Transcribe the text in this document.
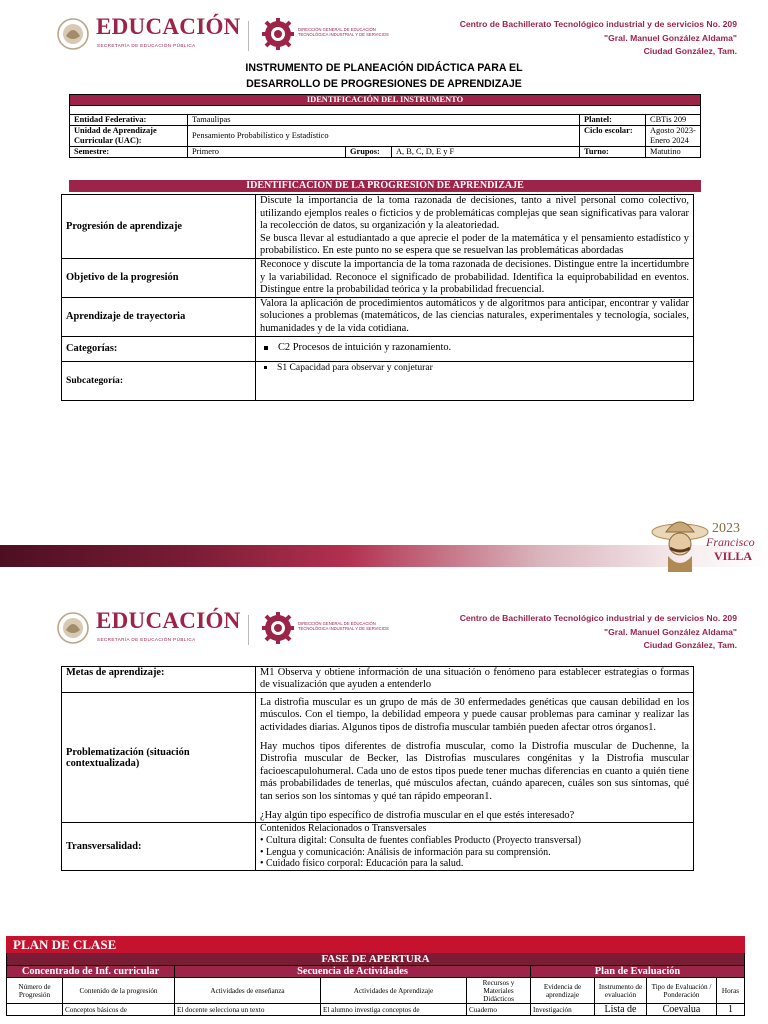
EDUCACIÓN
SECRETARÍA DE EDUCACIÓN PÚBLICA
DIRECCIÓN GENERAL DE EDUCACIÓN TECNOLÓGICA INDUSTRIAL Y DE SERVICIOS
Centro de Bachillerato Tecnológico industrial y de servicios No. 209
"Gral. Manuel González Aldama"
Ciudad González, Tam.
INSTRUMENTO DE PLANEACIÓN DIDÁCTICA PARA EL
DESARROLLO DE PROGRESIONES DE APRENDIZAJE
IDENTIFICACIÓN DEL INSTRUMENTO					

Entidad Federativa:	Tamaulipas			Plantel:	CBTis 209
Unidad de Aprendizaje Curricular (UAC):	Pensamiento Probabilístico y Estadístico			Ciclo escolar:	Agosto 2023-Enero 2024
Semestre:	Primero	Grupos:	A, B, C, D, E y F	Turno:	Matutino
IDENTIFICACIÓN DE LA PROGRESIÓN DE APRENDIZAJE
Progresión de aprendizaje	Discute la importancia de la toma razonada de decisiones, tanto a nivel personal como colectivo, utilizando ejemplos reales o ficticios y de problemáticas complejas que sean significativas para valorar la recolección de datos, su organización y la aleatoriedad.
Se busca llevar al estudiantado a que aprecie el poder de la matemática y el pensamiento estadístico y probabilístico. En este punto no se espera que se resuelvan las problemáticas abordadas

Objetivo de la progresión	Reconoce y discute la importancia de la toma razonada de decisiones. Distingue entre la incertidumbre y la variabilidad. Reconoce el significado de probabilidad. Identifica la equiprobabilidad en eventos. Distingue entre la probabilidad teórica y la probabilidad frecuencial.
Aprendizaje de trayectoria	Valora la aplicación de procedimientos automáticos y de algoritmos para anticipar, encontrar y validar soluciones a problemas (matemáticos, de las ciencias naturales, experimentales y tecnología, sociales, humanidades y de la vida cotidiana.
Categorías:	C2 Procesos de intuición y razonamiento.
Subcategoría:	S1 Capacidad para observar y conjeturar
2023
Francisco
VILLA
EDUCACIÓN
SECRETARÍA DE EDUCACIÓN PÚBLICA
DIRECCIÓN GENERAL DE EDUCACIÓN TECNOLÓGICA INDUSTRIAL Y DE SERVICIOS
Centro de Bachillerato Tecnológico industrial y de servicios No. 209
"Gral. Manuel González Aldama"
Ciudad González, Tam.
Metas de aprendizaje:	M1 Observa y obtiene información de una situación o fenómeno para establecer estrategias o formas de visualización que ayuden a entenderlo
Problematización (situación contextualizada)	La distrofia muscular es un grupo de más de 30 enfermedades genéticas que causan debilidad en los músculos. Con el tiempo, la debilidad empeora y puede causar problemas para caminar y realizar las actividades diarias. Algunos tipos de distrofia muscular también pueden afectar otros órganos1.
Hay muchos tipos diferentes de distrofia muscular, como la Distrofia muscular de Duchenne, la Distrofia muscular de Becker, las Distrofias musculares congénitas y la Distrofia muscular facioescapulohumeral. Cada uno de estos tipos puede tener muchas diferencias en cuanto a quién tiene más probabilidades de tenerlas, qué músculos afectan, cuándo aparecen, cuáles son sus síntomas, qué tan serios son los síntomas y qué tan rápido empeoran1.
¿Hay algún tipo específico de distrofia muscular en el que estés interesado?

Transversalidad:	Contenidos Relacionados o Transversales
• Cultura digital: Consulta de fuentes confiables Producto (Proyecto transversal)
• Lengua y comunicación: Análisis de información para su comprensión.
• Cuidado físico corporal: Educación para la salud.
PLAN DE CLASE								
FASE DE APERTURA								
Concentrado de Inf. curricular		Secuencia de Actividades			Plan de Evaluación			
Número de Progresión	Contenido de la progresión	Actividades de enseñanza	Actividades de Aprendizaje	Recursos y Materiales Didácticos	Evidencia de aprendizaje	Instrumento de evaluación	Tipo de Evaluación / Ponderación	Horas
	Conceptos básicos de	El docente selecciona un texto	El alumno investiga conceptos de	Cuaderno	Investigación	Lista de	Coevalua	1
